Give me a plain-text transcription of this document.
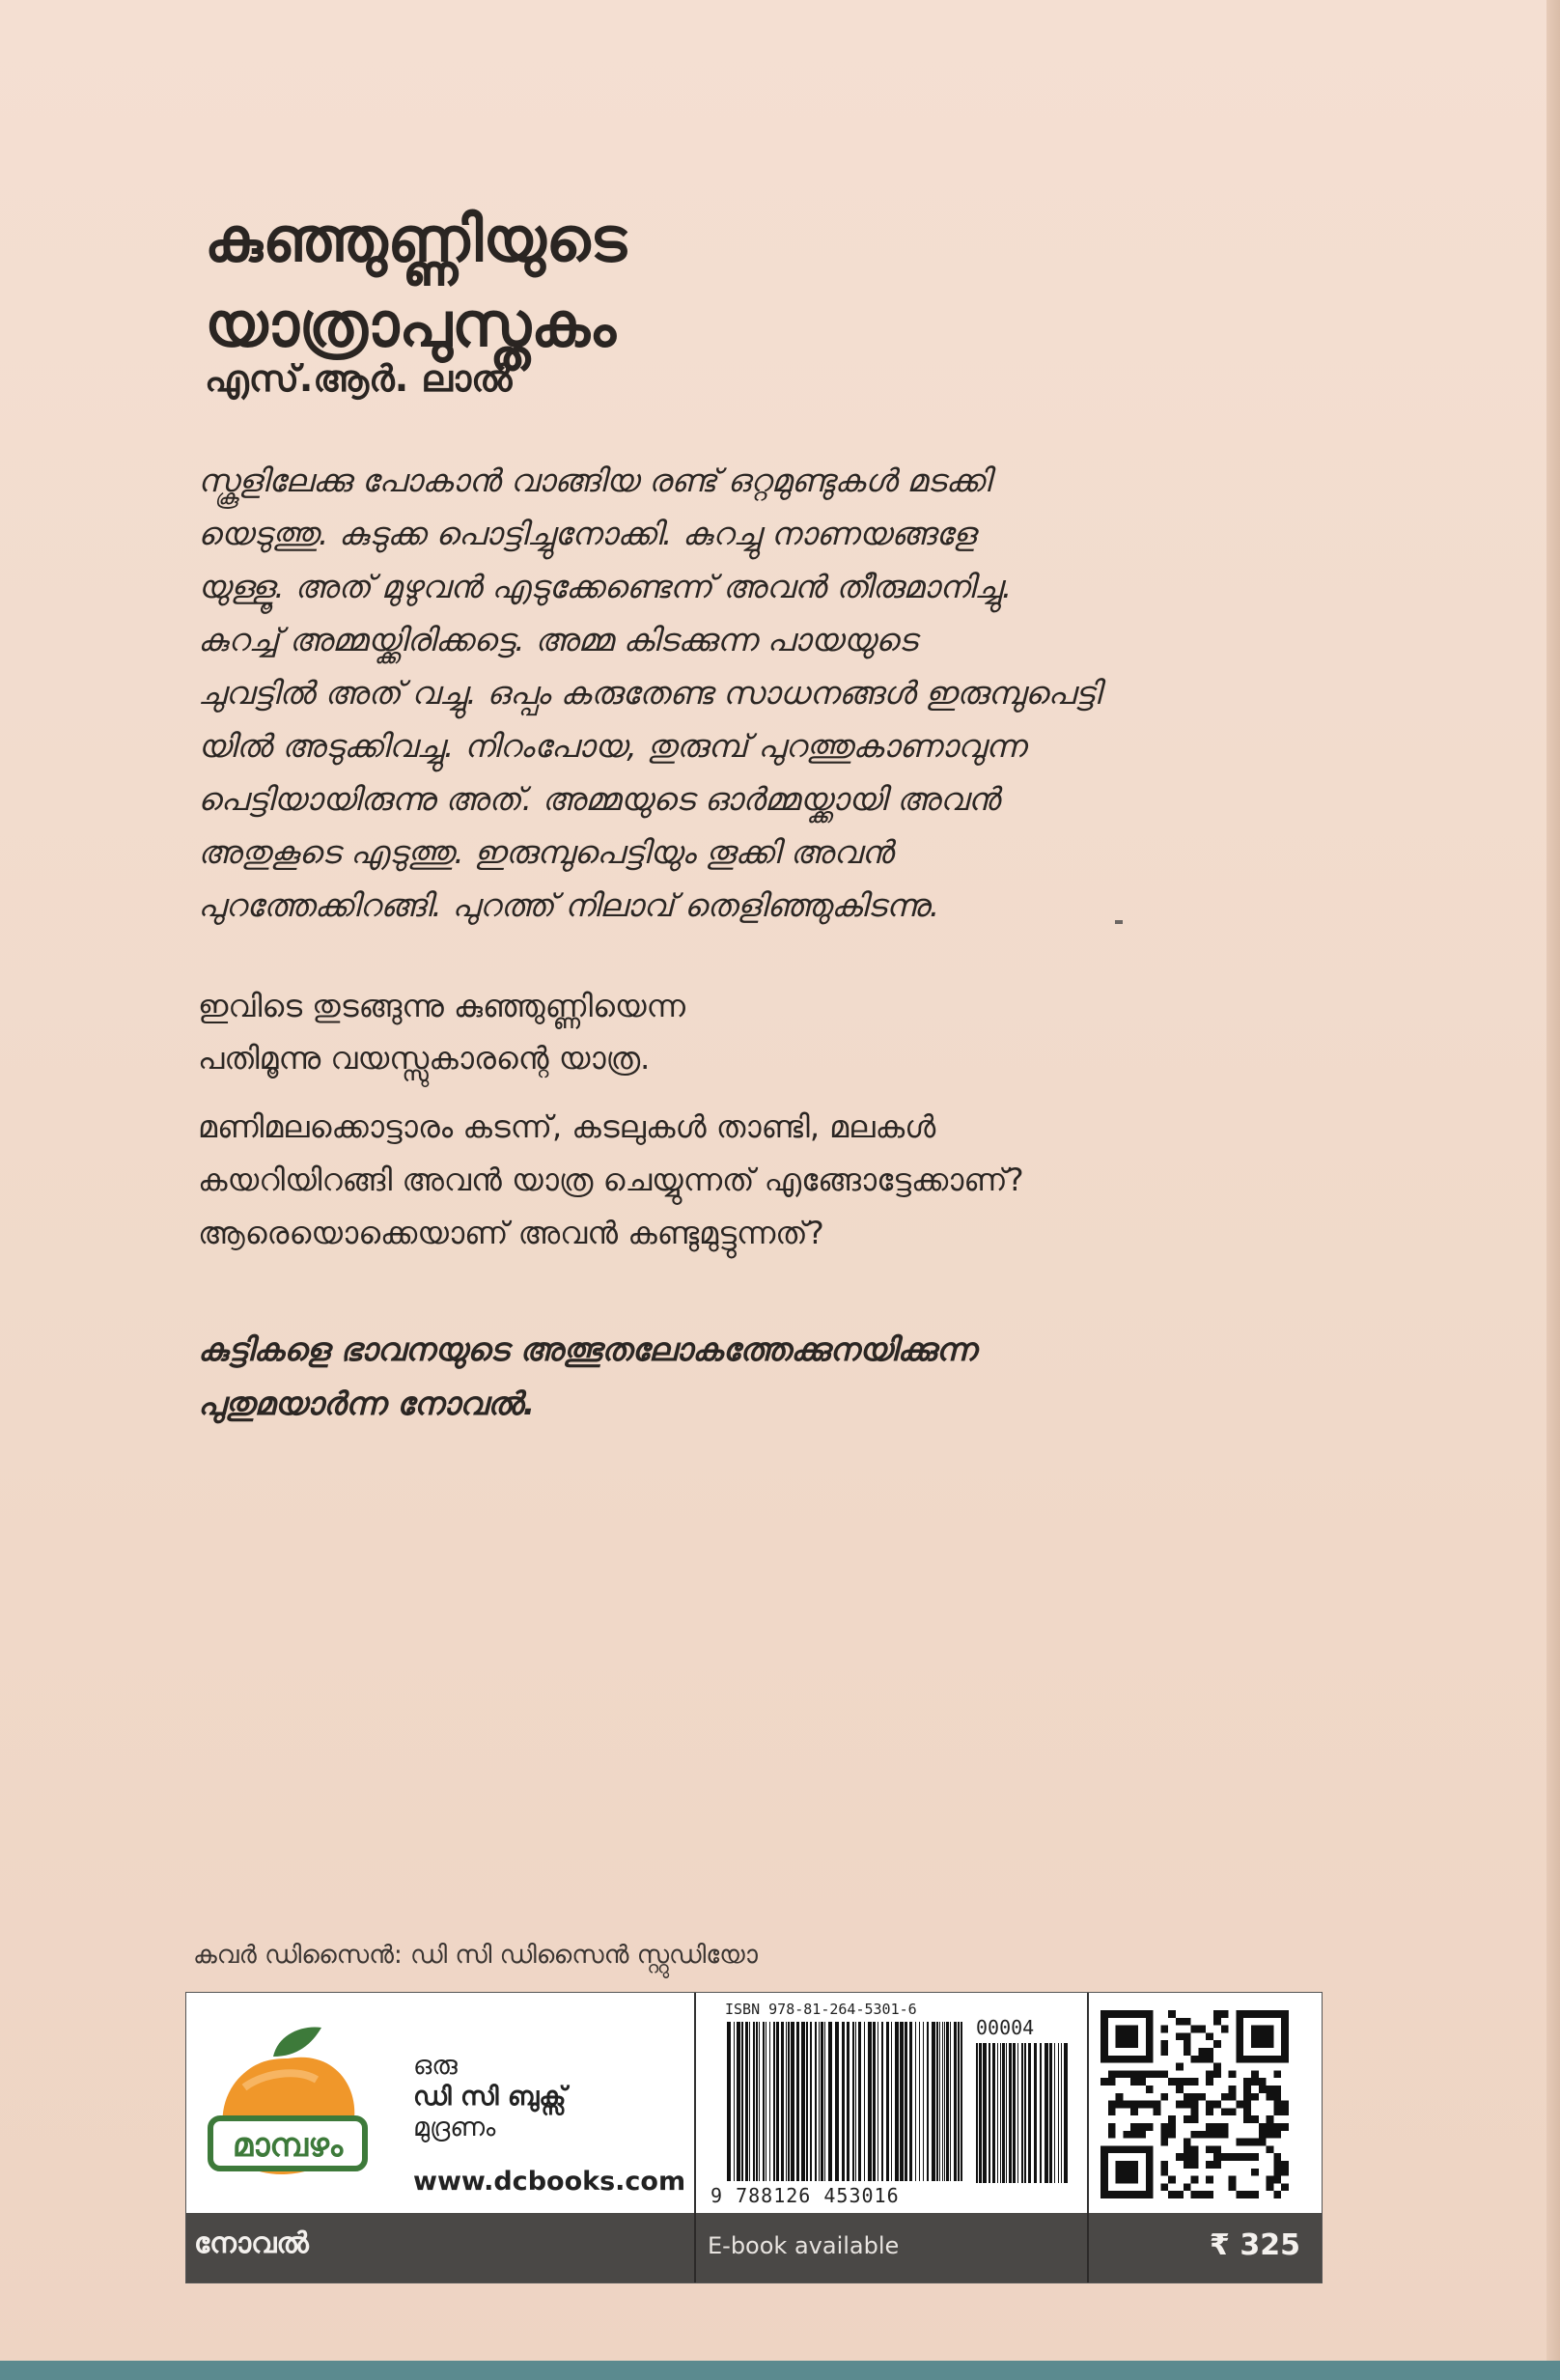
കുഞ്ഞുണ്ണിയുടെ
യാത്രാപുസ്തകം
എസ്.ആർ. ലാൽ
സ്കൂളിലേക്കു പോകാൻ വാങ്ങിയ രണ്ട് ഒറ്റമുണ്ടുകൾ മടക്കി
യെടുത്തു. കുടുക്ക പൊട്ടിച്ചുനോക്കി. കുറച്ചു നാണയങ്ങളേ
യുള്ളൂ. അത് മുഴുവൻ എടുക്കേണ്ടെന്ന് അവൻ തീരുമാനിച്ചു.
കുറച്ച് അമ്മയ്ക്കിരിക്കട്ടെ. അമ്മ കിടക്കുന്ന പായയുടെ
ചുവട്ടിൽ അത് വച്ചു. ഒപ്പം കരുതേണ്ട സാധനങ്ങൾ ഇരുമ്പുപെട്ടി
യിൽ അടുക്കിവച്ചു. നിറംപോയ, തുരുമ്പ് പുറത്തുകാണാവുന്ന
പെട്ടിയായിരുന്നു അത്. അമ്മയുടെ ഓർമ്മയ്ക്കായി അവൻ
അതുകൂടെ എടുത്തു. ഇരുമ്പുപെട്ടിയും തൂക്കി അവൻ
പുറത്തേക്കിറങ്ങി. പുറത്ത് നിലാവ് തെളിഞ്ഞുകിടന്നു.
ഇവിടെ തുടങ്ങുന്നു കുഞ്ഞുണ്ണിയെന്ന
പതിമൂന്നു വയസ്സുകാരന്റെ യാത്ര.
മണിമലക്കൊട്ടാരം കടന്ന്, കടലുകൾ താണ്ടി, മലകൾ
കയറിയിറങ്ങി അവൻ യാത്ര ചെയ്യുന്നത് എങ്ങോട്ടേക്കാണ്?
ആരെയൊക്കെയാണ് അവൻ കണ്ടുമുട്ടുന്നത്?
കുട്ടികളെ ഭാവനയുടെ അത്ഭുതലോകത്തേക്കുനയിക്കുന്ന
പുതുമയാർന്ന നോവൽ.
കവർ ഡിസൈൻ: ഡി സി ഡിസൈൻ സ്റ്റുഡിയോ
മാമ്പഴം
ഒരു
ഡി സി ബുക്സ്
മുദ്രണം
www.dcbooks.com
ISBN 978-81-264-5301-6
00004
9 788126 453016
നോവൽ	E-book available	₹ 325
